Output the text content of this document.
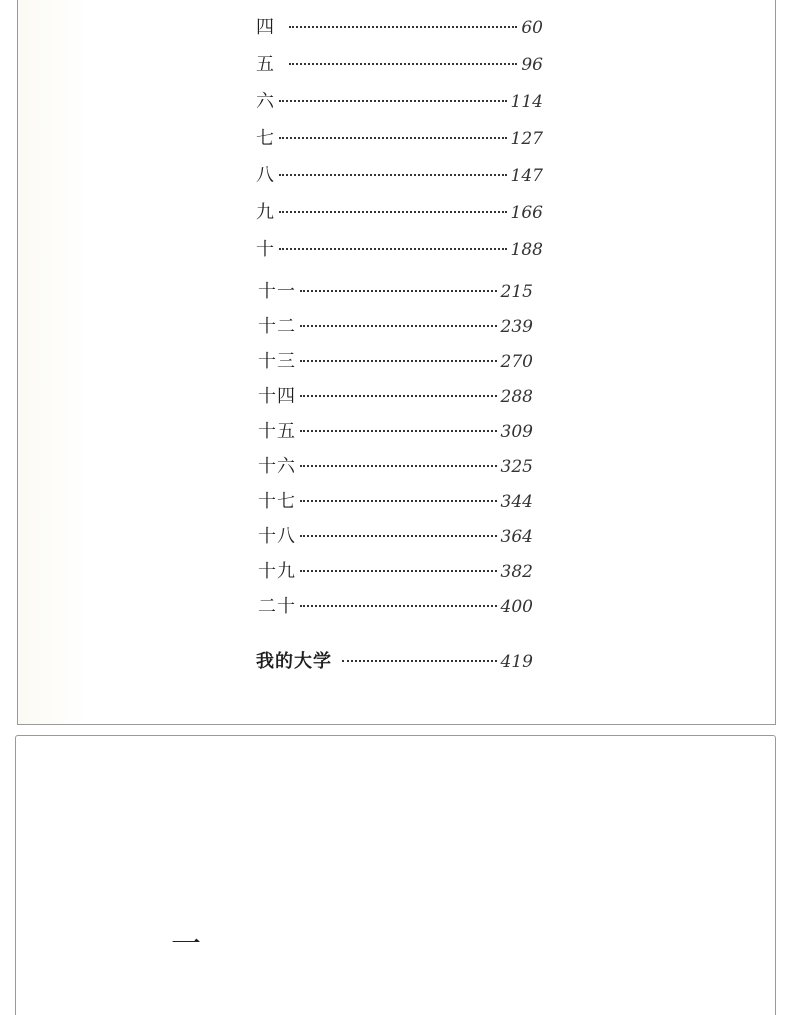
四	60
五	96
六	114
七	127
八	147
九	166
十	188
十一	215
十二	239
十三	270
十四	288
十五	309
十六	325
十七	344
十八	364
十九	382
二十	400
我的大学	419
一
